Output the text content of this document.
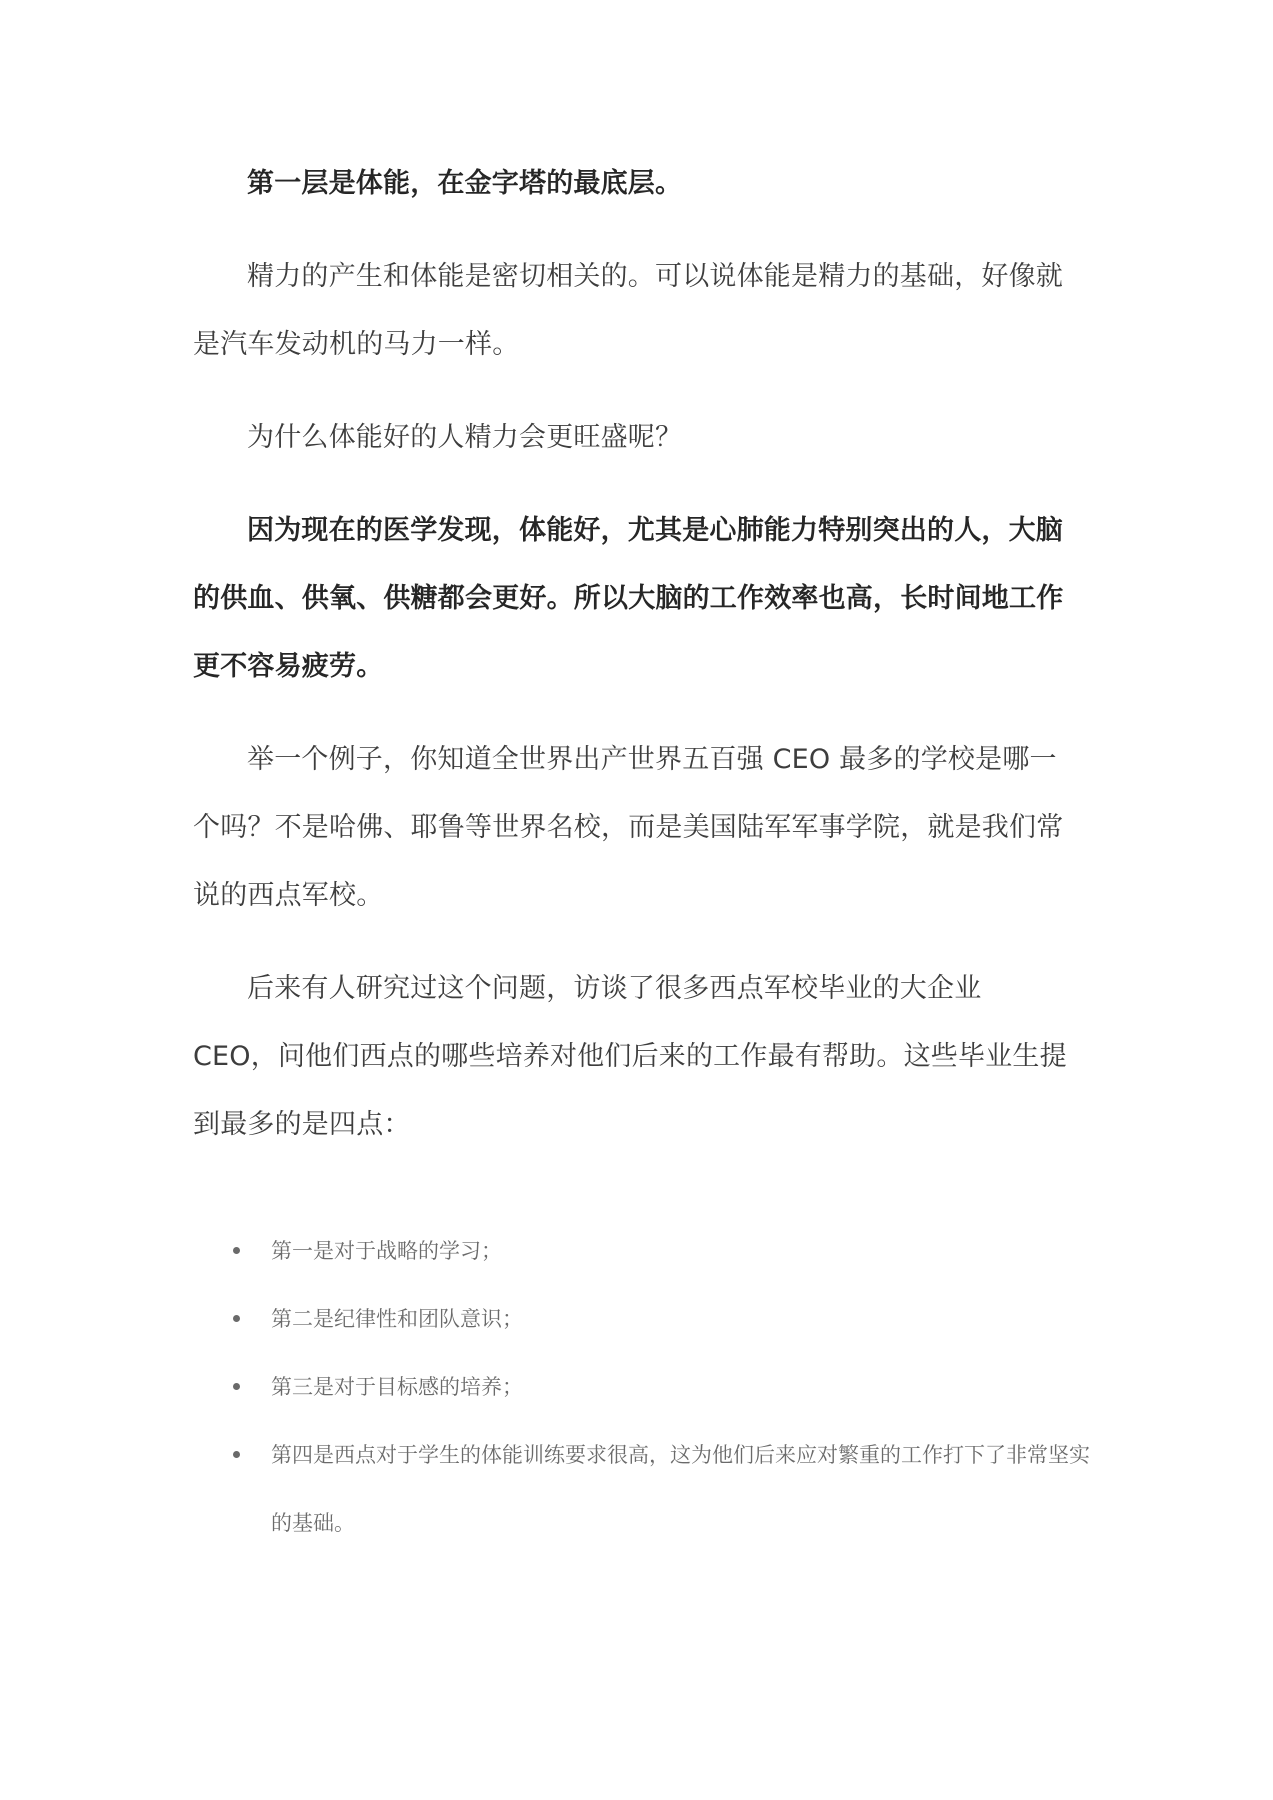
第一层是体能，在金字塔的最底层。

精力的产生和体能是密切相关的。可以说体能是精力的基础，好像就是汽车发动机的马力一样。

为什么体能好的人精力会更旺盛呢？

因为现在的医学发现，体能好，尤其是心肺能力特别突出的人，大脑的供血、供氧、供糖都会更好。所以大脑的工作效率也高，长时间地工作更不容易疲劳。

举一个例子，你知道全世界出产世界五百强 CEO 最多的学校是哪一个吗？不是哈佛、耶鲁等世界名校，而是美国陆军军事学院，就是我们常说的西点军校。

后来有人研究过这个问题，访谈了很多西点军校毕业的大企业 CEO，问他们西点的哪些培养对他们后来的工作最有帮助。这些毕业生提到最多的是四点：

第一是对于战略的学习；
第二是纪律性和团队意识；
第三是对于目标感的培养；
第四是西点对于学生的体能训练要求很高，这为他们后来应对繁重的工作打下了非常坚实的基础。
